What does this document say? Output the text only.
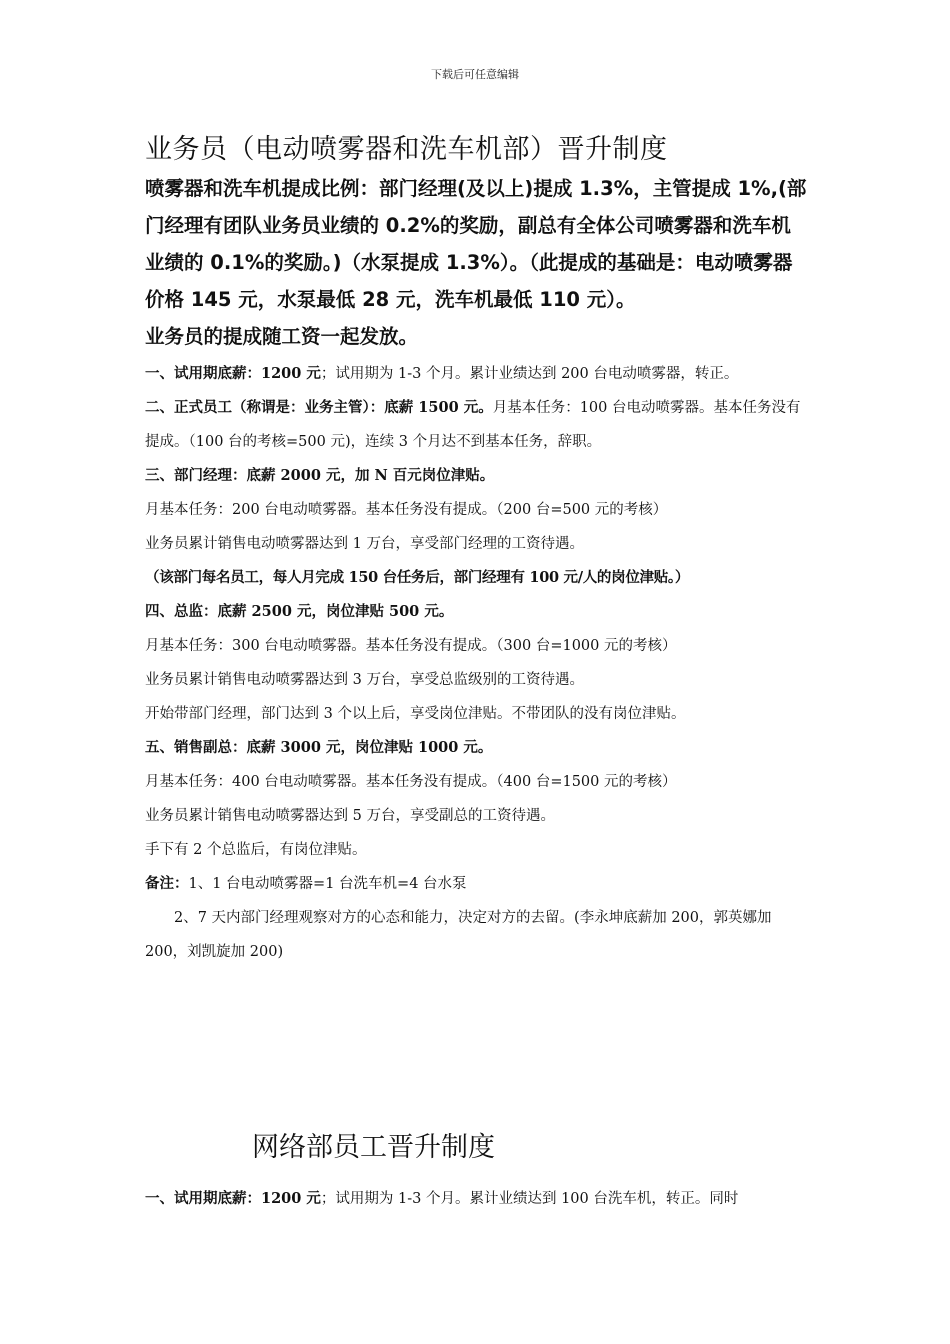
下载后可任意编辑
业务员（电动喷雾器和洗车机部）晋升制度

喷雾器和洗车机提成比例：部门经理(及以上)提成 1.3%，主管提成 1%,(部门经理有团队业务员业绩的 0.2%的奖励，副总有全体公司喷雾器和洗车机业绩的 0.1%的奖励。)（水泵提成 1.3%）。（此提成的基础是：电动喷雾器价格 145 元，水泵最低 28 元，洗车机最低 110 元）。

业务员的提成随工资一起发放。

一、试用期底薪：1200 元；试用期为 1-3 个月。累计业绩达到 200 台电动喷雾器，转正。

二、正式员工（称谓是：业务主管）：底薪 1500 元。月基本任务：100 台电动喷雾器。基本任务没有提成。（100 台的考核=500 元)，连续 3 个月达不到基本任务，辞职。

三、部门经理：底薪 2000 元，加 N 百元岗位津贴。

月基本任务：200 台电动喷雾器。基本任务没有提成。（200 台=500 元的考核）

业务员累计销售电动喷雾器达到 1 万台，享受部门经理的工资待遇。

（该部门每名员工，每人月完成 150 台任务后，部门经理有 100 元/人的岗位津贴。）

四、总监：底薪 2500 元，岗位津贴 500 元。

月基本任务：300 台电动喷雾器。基本任务没有提成。（300 台=1000 元的考核）

业务员累计销售电动喷雾器达到 3 万台，享受总监级别的工资待遇。

开始带部门经理，部门达到 3 个以上后，享受岗位津贴。不带团队的没有岗位津贴。

五、销售副总：底薪 3000 元，岗位津贴 1000 元。

月基本任务：400 台电动喷雾器。基本任务没有提成。（400 台=1500 元的考核）

业务员累计销售电动喷雾器达到 5 万台，享受副总的工资待遇。

手下有 2 个总监后，有岗位津贴。

备注：1、1 台电动喷雾器=1 台洗车机=4 台水泵

2、7 天内部门经理观察对方的心态和能力，决定对方的去留。(李永坤底薪加 200，郭英娜加 200，刘凯旋加 200)

网络部员工晋升制度

一、试用期底薪：1200 元；试用期为 1-3 个月。累计业绩达到 100 台洗车机，转正。同时
